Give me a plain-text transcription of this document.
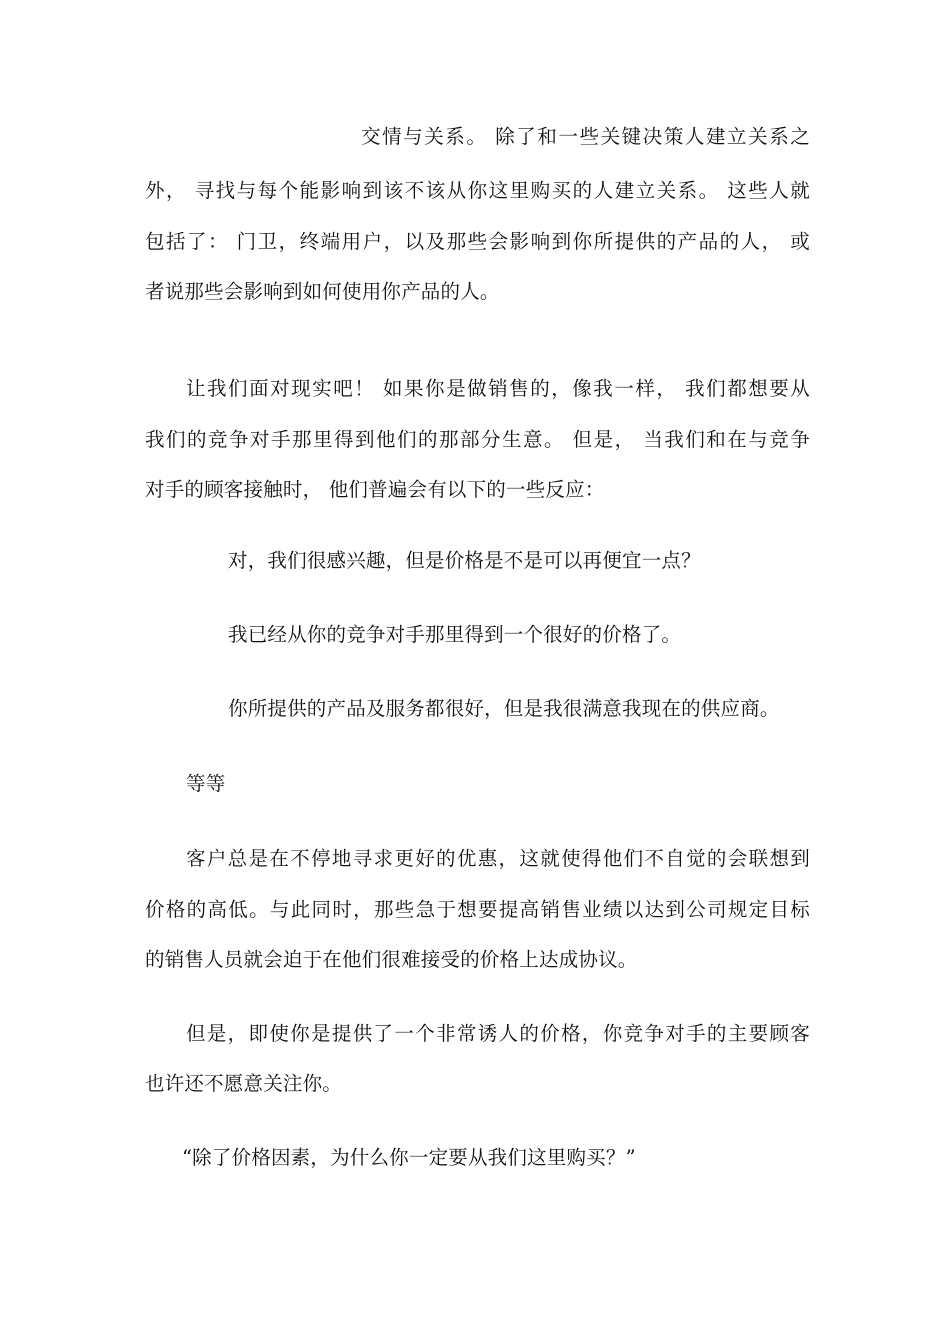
交情与关系。 除了和一些关键决策人建立关系之
外， 寻找与每个能影响到该不该从你这里购买的人建立关系。 这些人就
包括了： 门卫，终端用户，以及那些会影响到你所提供的产品的人， 或
者说那些会影响到如何使用你产品的人。
让我们面对现实吧！ 如果你是做销售的，像我一样， 我们都想要从
我们的竞争对手那里得到他们的那部分生意。 但是， 当我们和在与竞争
对手的顾客接触时， 他们普遍会有以下的一些反应：
对，我们很感兴趣，但是价格是不是可以再便宜一点？
我已经从你的竞争对手那里得到一个很好的价格了。
你所提供的产品及服务都很好，但是我很满意我现在的供应商。
等等
客户总是在不停地寻求更好的优惠，这就使得他们不自觉的会联想到
价格的高低。与此同时，那些急于想要提高销售业绩以达到公司规定目标
的销售人员就会迫于在他们很难接受的价格上达成协议。
但是，即使你是提供了一个非常诱人的价格，你竞争对手的主要顾客
也许还不愿意关注你。
“除了价格因素，为什么你一定要从我们这里购买？”
